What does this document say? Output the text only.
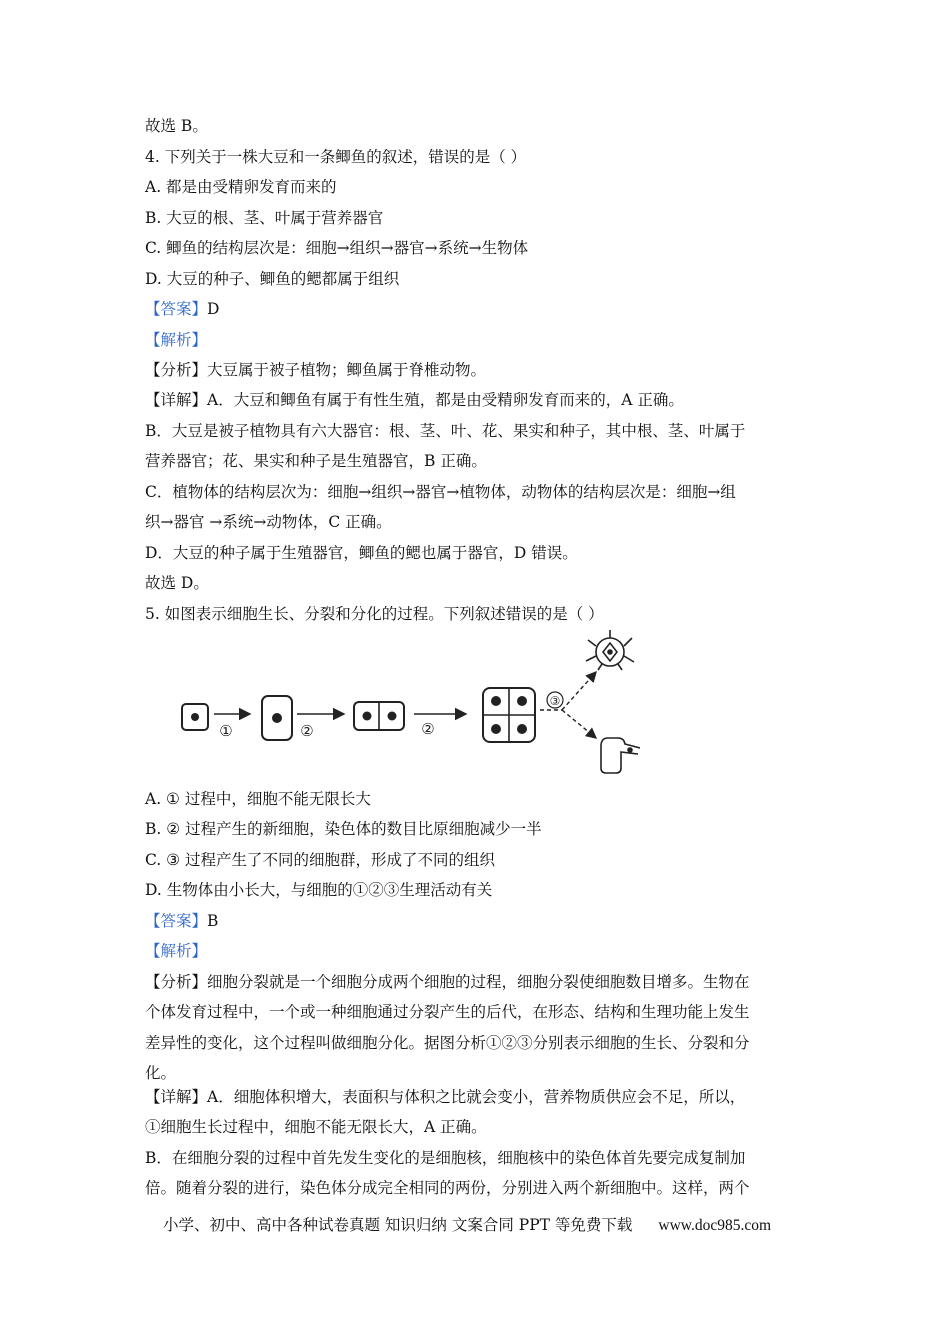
故选 B。
4. 下列关于一株大豆和一条鲫鱼的叙述，错误的是（ ）
A. 都是由受精卵发育而来的
B. 大豆的根、茎、叶属于营养器官
C. 鲫鱼的结构层次是：细胞→组织→器官→系统→生物体
D. 大豆的种子、鲫鱼的鳃都属于组织
【答案】D
【解析】
【分析】大豆属于被子植物；鲫鱼属于脊椎动物。
【详解】A．大豆和鲫鱼有属于有性生殖，都是由受精卵发育而来的，A 正确。
B．大豆是被子植物具有六大器官：根、茎、叶、花、果实和种子，其中根、茎、叶属于
营养器官；花、果实和种子是生殖器官，B 正确。
C．植物体的结构层次为：细胞→组织→器官→植物体，动物体的结构层次是：细胞→组
织→器官 →系统→动物体，C 正确。
D．大豆的种子属于生殖器官，鲫鱼的鳃也属于器官，D 错误。
故选 D。
5. 如图表示细胞生长、分裂和分化的过程。下列叙述错误的是（ ）
①	②	②
③
A. ① 过程中，细胞不能无限长大
B. ② 过程产生的新细胞，染色体的数目比原细胞减少一半
C. ③ 过程产生了不同的细胞群，形成了不同的组织
D. 生物体由小长大，与细胞的①②③生理活动有关
【答案】B
【解析】
【分析】细胞分裂就是一个细胞分成两个细胞的过程，细胞分裂使细胞数目增多。生物在
个体发育过程中，一个或一种细胞通过分裂产生的后代，在形态、结构和生理功能上发生
差异性的变化，这个过程叫做细胞分化。据图分析①②③分别表示细胞的生长、分裂和分
化。
【详解】A．细胞体积增大，表面积与体积之比就会变小，营养物质供应会不足，所以，
①细胞生长过程中，细胞不能无限长大，A 正确。
B．在细胞分裂的过程中首先发生变化的是细胞核，细胞核中的染色体首先要完成复制加
倍。随着分裂的进行，染色体分成完全相同的两份，分别进入两个新细胞中。这样，两个
小学、初中、高中各种试卷真题 知识归纳 文案合同 PPT 等免费下载 www.doc985.com
